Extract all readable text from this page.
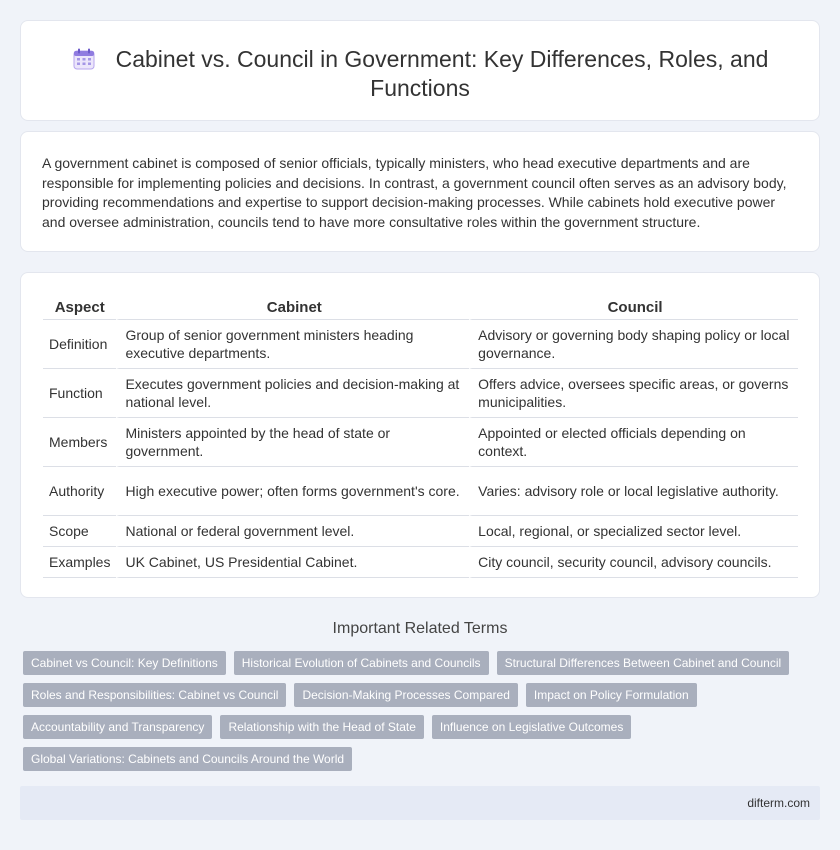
Cabinet vs. Council in Government: Key Differences, Roles, and Functions

A government cabinet is composed of senior officials, typically ministers, who head executive departments and are responsible for implementing policies and decisions. In contrast, a government council often serves as an advisory body, providing recommendations and expertise to support decision-making processes. While cabinets hold executive power and oversee administration, councils tend to have more consultative roles within the government structure.

Aspect	Cabinet	Council
Definition	Group of senior government ministers heading executive departments.	Advisory or governing body shaping policy or local governance.
Function	Executes government policies and decision-making at national level.	Offers advice, oversees specific areas, or governs municipalities.
Members	Ministers appointed by the head of state or government.	Appointed or elected officials depending on context.
Authority	High executive power; often forms government's core.	Varies: advisory role or local legislative authority.
Scope	National or federal government level.	Local, regional, or specialized sector level.
Examples	UK Cabinet, US Presidential Cabinet.	City council, security council, advisory councils.
Important Related Terms
Cabinet vs Council: Key Definitions	Historical Evolution of Cabinets and Councils	Structural Differences Between Cabinet and Council
Roles and Responsibilities: Cabinet vs Council	Decision-Making Processes Compared	Impact on Policy Formulation
Accountability and Transparency	Relationship with the Head of State	Influence on Legislative Outcomes
Global Variations: Cabinets and Councils Around the World
difterm.com
